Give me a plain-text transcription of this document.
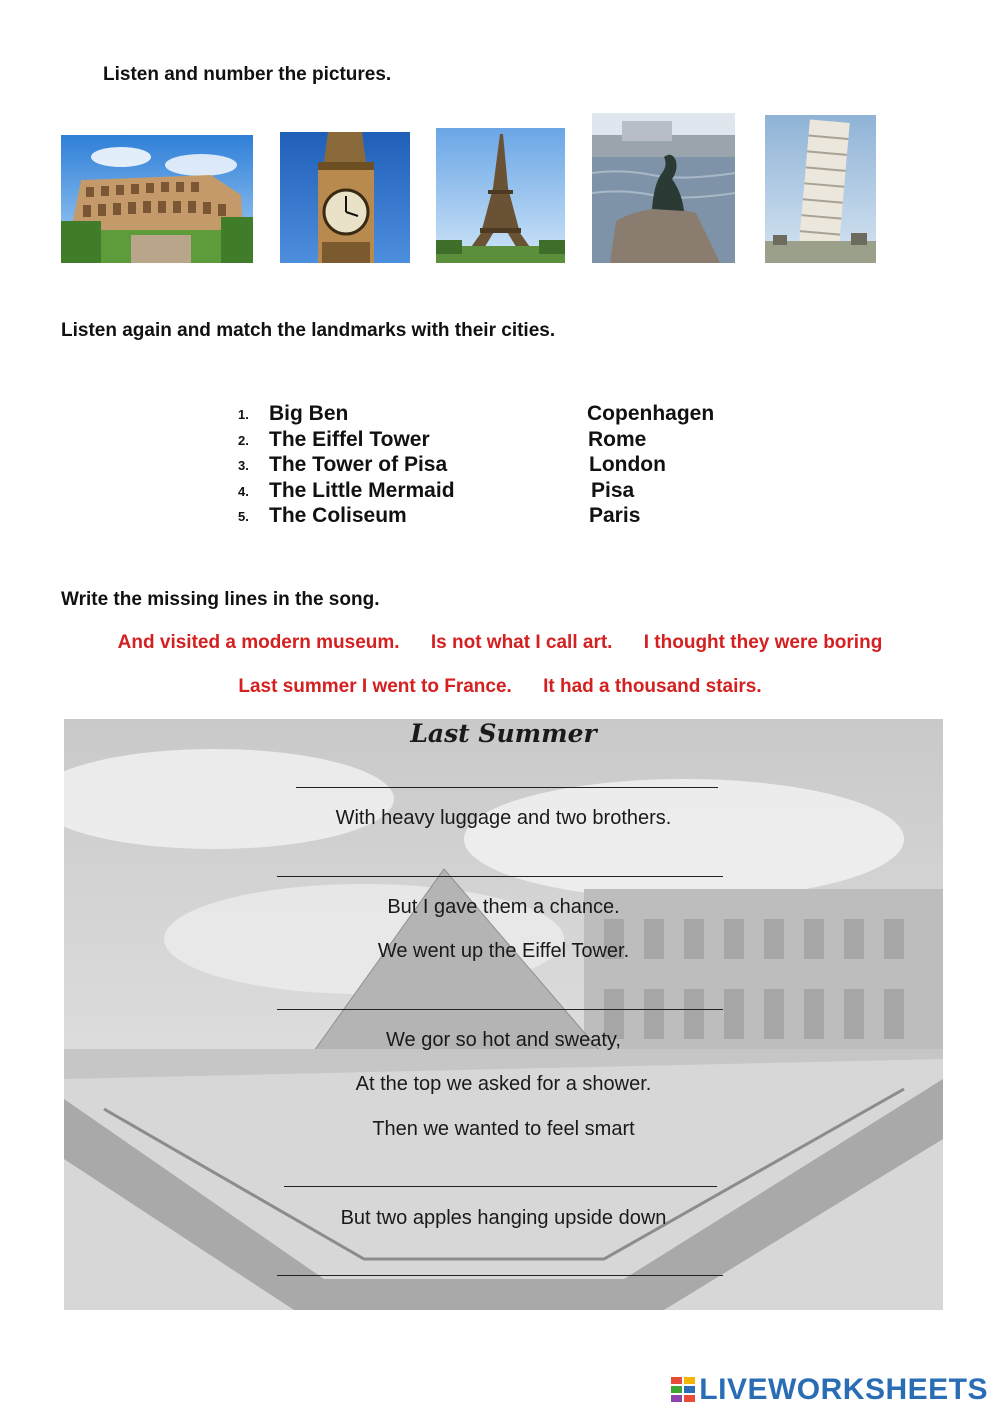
Listen and number the pictures.
Listen again and match the landmarks with their cities.
1. Big Ben	Copenhagen
2. The Eiffel Tower	Rome
3. The Tower of Pisa	London
4. The Little Mermaid	Pisa
5. The Coliseum	Paris
Write the missing lines in the song.
And visited a modern museum. Is not what I call art. I thought they were boring
Last summer I went to France. It had a thousand stairs.
Last Summer
With heavy luggage and two brothers.
But I gave them a chance.
We went up the Eiffel Tower.
We gor so hot and sweaty,
At the top we asked for a shower.
Then we wanted to feel smart
But two apples hanging upside down
LIVEWORKSHEETS
